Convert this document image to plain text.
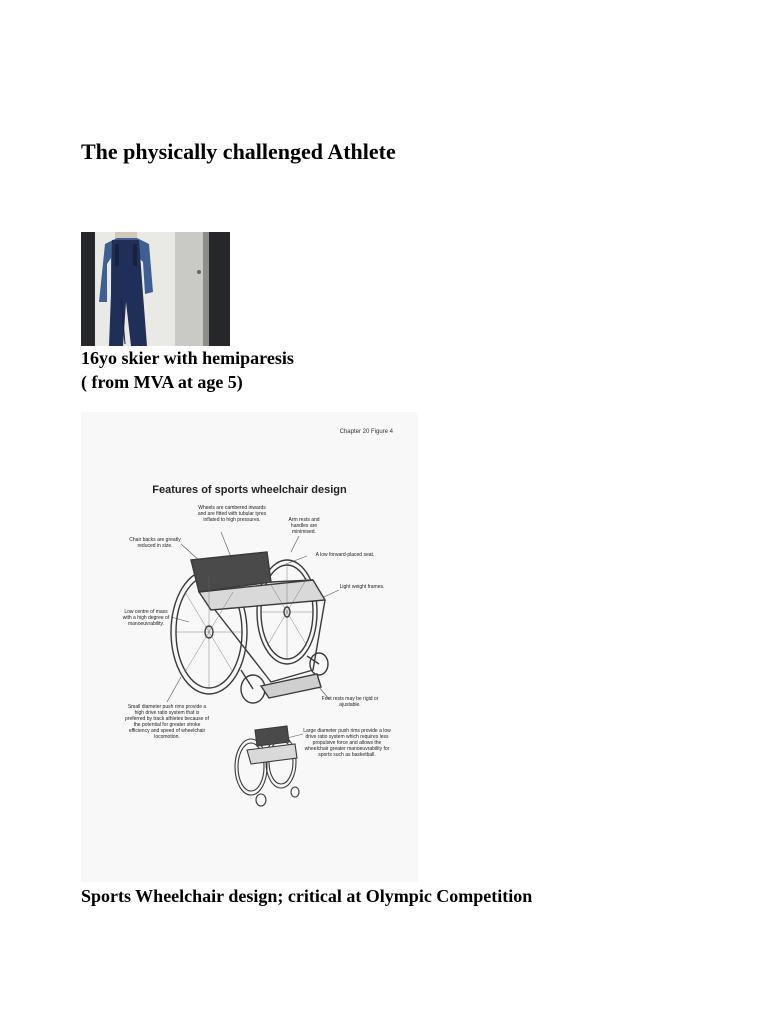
The physically challenged Athlete
16yo skier with hemiparesis
( from MVA at age 5)
Chapter 20 Figure 4
Features of sports wheelchair design
Wheels are cambered inwards and are fitted with tubular tyres inflated to high pressures.	Arm rests and handles are minimised.
Chair backs are greatly reduced in size.
A low forward-placed seat.
Light weight frames.
Low centre of mass with a high degree of manoeuvrability.
Foot rests may be rigid or ajustable.
Small diameter push rims provide a high drive ratio system that is preferred by track athletes because of the potential for greater stroke efficiency and speed of wheelchair locomotion.
Large diameter push rims provide a low drive ratio system which requires less propulsive force and allows the wheelchair greater manoeuvrability for sports such as basketball.
Sports Wheelchair design; critical at Olympic Competition
